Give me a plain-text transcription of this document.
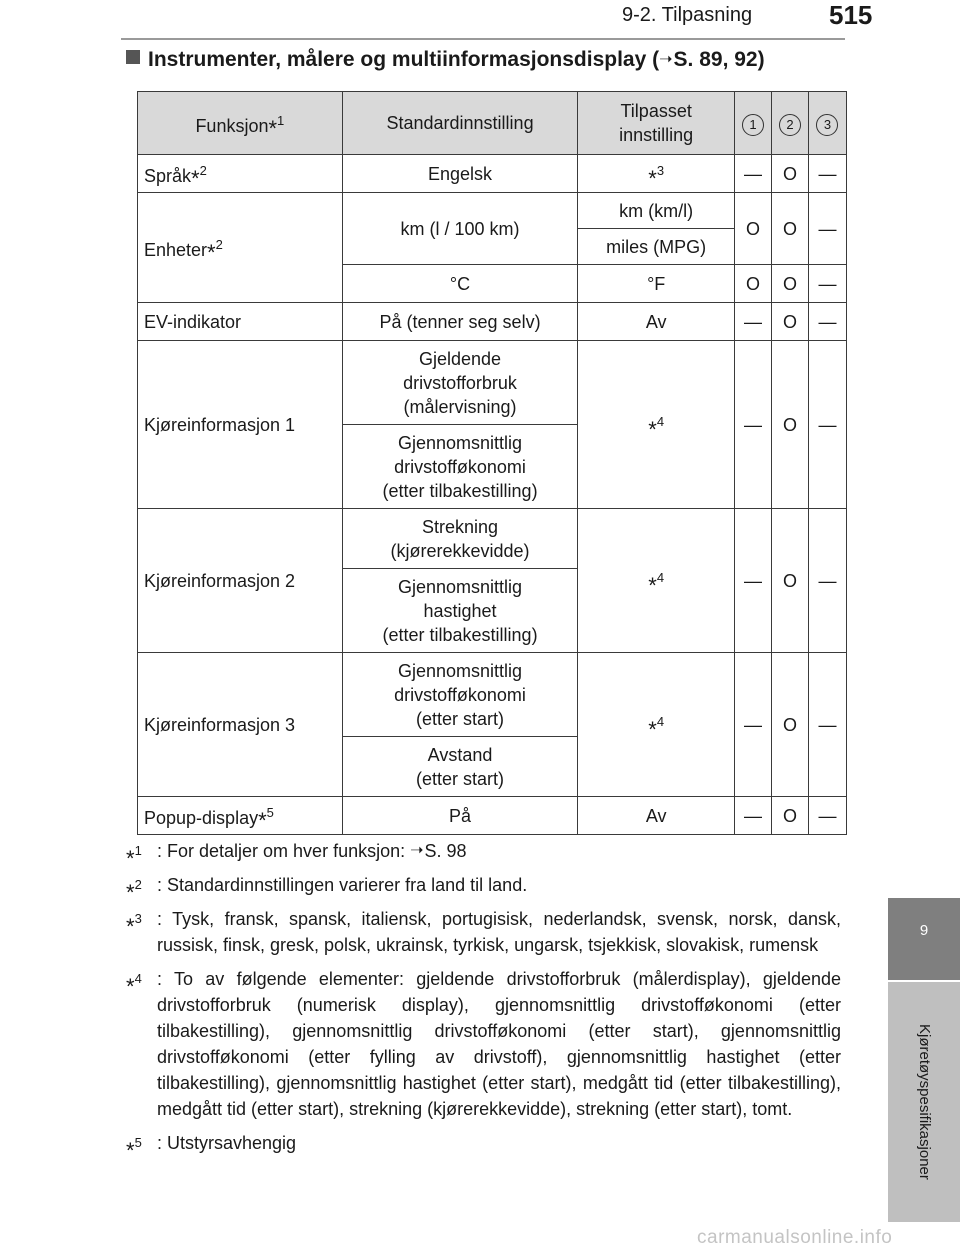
9-2. Tilpasning	515
9
Kjøretøyspesifikasjoner
Instrumenter, målere og multiinformasjonsdisplay (➝S. 89, 92)
Funksjon*$^1$	Standardinnstilling	Tilpasset
innstilling	1	2	3
Språk*$^2$	Engelsk	*$^3$	—	O	—
Enheter*$^2$	km (l / 100 km)	km (km/l)	O	O	—
		miles (MPG)			
	°C	°F	O	O	—
EV-indikator	På (tenner seg selv)	Av	—	O	—
Kjøreinformasjon 1	Gjeldende
drivstofforbruk
(målervisning)	*$^4$	—	O	—
	Gjennomsnittlig
drivstofføkonomi
(etter tilbakestilling)				
Kjøreinformasjon 2	Strekning
(kjørerekkevidde)	*$^4$	—	O	—
	Gjennomsnittlig
hastighet
(etter tilbakestilling)				
Kjøreinformasjon 3	Gjennomsnittlig
drivstofføkonomi
(etter start)	*$^4$	—	O	—
	Avstand
(etter start)				
Popup-display*$^5$	På	Av	—	O	—
*$^1$ : For detaljer om hver funksjon: ➝S. 98
*$^2$ : Standardinnstillingen varierer fra land til land.
*$^3$ : Tysk, fransk, spansk, italiensk, portugisisk, nederlandsk, svensk, norsk, dansk, russisk, finsk, gresk, polsk, ukrainsk, tyrkisk, ungarsk, tsjekkisk, slovakisk, rumensk
*$^4$ : To av følgende elementer: gjeldende drivstofforbruk (målerdisplay), gjeldende drivstofforbruk (numerisk display), gjennomsnittlig drivstofføkonomi (etter tilbakestilling), gjennomsnittlig drivstofføkonomi (etter start), gjennomsnittlig drivstofføkonomi (etter fylling av drivstoff), gjennomsnittlig hastighet (etter tilbakestilling), gjennomsnittlig hastighet (etter start), medgått tid (etter tilbakestilling), medgått tid (etter start), strekning (kjørerekkevidde), strekning (etter start), tomt.
*$^5$ : Utstyrsavhengig
carmanualsonline.info
